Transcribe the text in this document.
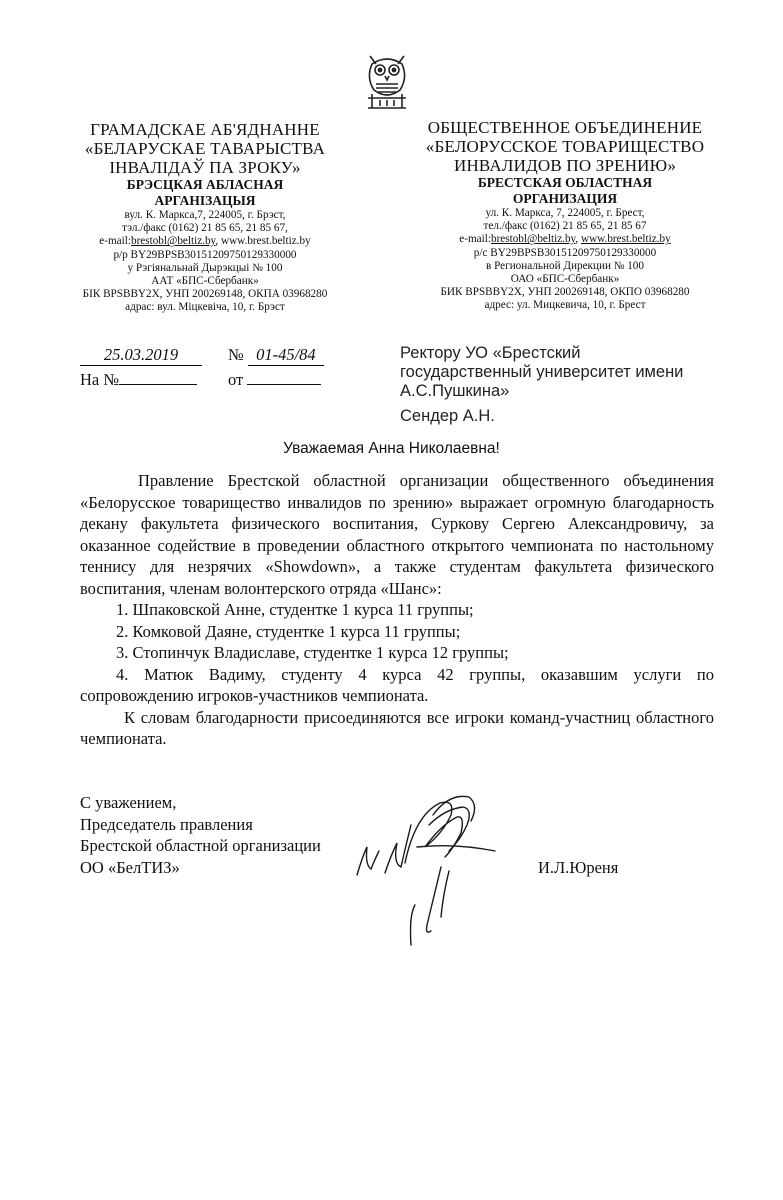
ГРАМАДСКАЕ АБ'ЯДНАННЕ
«БЕЛАРУСКАЕ ТАВАРЫСТВА
ІНВАЛІДАЎ ПА ЗРОКУ»
БРЭСЦКАЯ АБЛАСНАЯ
АРГАНІЗАЦЫЯ
вул. К. Маркса,7, 224005, г. Брэст,
тэл./факс (0162) 21 85 65, 21 85 67,
e-mail:brestobl@beltiz.by, www.brest.beltiz.by
р/р BY29BPSB30151209750129330000
у Рэгіянальнай Дырэкцыі № 100
ААТ «БПС-Сбербанк»
БІК BPSBBY2X, УНП 200269148, ОКПА 03968280
адрас: вул. Міцкевіча, 10, г. Брэст
ОБЩЕСТВЕННОЕ ОБЪЕДИНЕНИЕ
«БЕЛОРУССКОЕ ТОВАРИЩЕСТВО
ИНВАЛИДОВ ПО ЗРЕНИЮ»
БРЕСТСКАЯ ОБЛАСТНАЯ
ОРГАНИЗАЦИЯ
ул. К. Маркса, 7, 224005, г. Брест,
тел./факс (0162) 21 85 65, 21 85 67
e-mail:brestobl@beltiz.by, www.brest.beltiz.by
р/с BY29BPSB30151209750129330000
в Региональной Дирекции № 100
ОАО «БПС-Сбербанк»
БИК BPSBBY2X, УНП 200269148, ОКПО 03968280
адрес: ул. Мицкевича, 10, г. Брест
25.03.2019	№ 01-45/84
На №	от
Ректору УО «Брестский
государственный университет имени
А.С.Пушкина»
Сендер А.Н.
Уважаемая Анна Николаевна!

Правление Брестской областной организации общественного объединения «Белорусское товарищество инвалидов по зрению» выражает огромную благодарность декану факультета физического воспитания, Суркову Сергею Александровичу, за оказанное содействие в проведении областного открытого чемпионата по настольному теннису для незрячих «Showdown», а также студентам факультета физического воспитания, членам волонтерского отряда «Шанс»:

1. Шпаковской Анне, студентке 1 курса 11 группы;

2. Комковой Даяне, студентке 1 курса 11 группы;

3. Стопинчук Владиславе, студентке 1 курса 12 группы;

4. Матюк Вадиму, студенту 4 курса 42 группы, оказавшим услуги по сопровождению игроков-участников чемпионата.

К словам благодарности присоединяются все игроки команд-участниц областного чемпионата.

С уважением,
Председатель правления
Брестской областной организации
ОО «БелТИЗ»	И.Л.Юреня
